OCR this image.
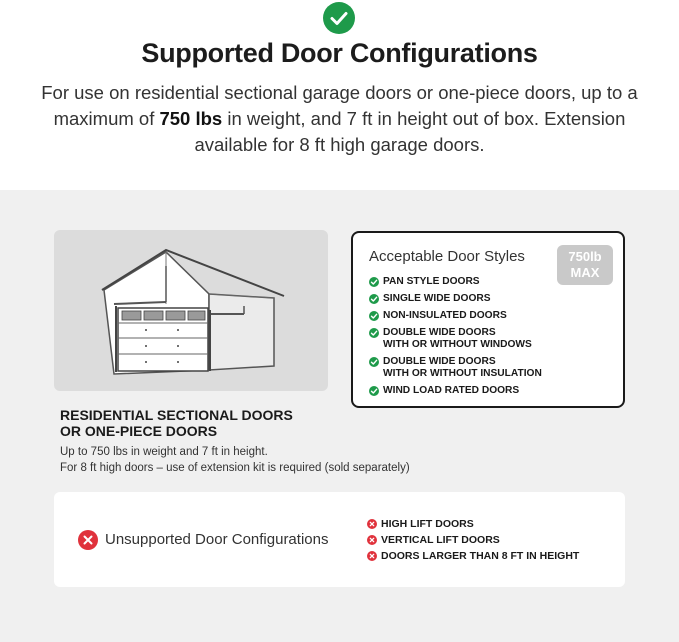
Supported Door Configurations

For use on residential sectional garage doors or one-piece doors, up to a maximum of 750 lbs in weight, and 7 ft in height out of box. Extension available for 8 ft high garage doors.

RESIDENTIAL SECTIONAL DOORS
OR ONE-PIECE DOORS
Up to 750 lbs in weight and 7 ft in height.
For 8 ft high doors – use of extension kit is required (sold separately)
Acceptable Door Styles	750lb
MAX
PAN STYLE DOORS
SINGLE WIDE DOORS
NON-INSULATED DOORS
DOUBLE WIDE DOORS
WITH OR WITHOUT WINDOWS
DOUBLE WIDE DOORS
WITH OR WITHOUT INSULATION
WIND LOAD RATED DOORS
Unsupported Door Configurations
HIGH LIFT DOORS
VERTICAL LIFT DOORS
DOORS LARGER THAN 8 FT IN HEIGHT
